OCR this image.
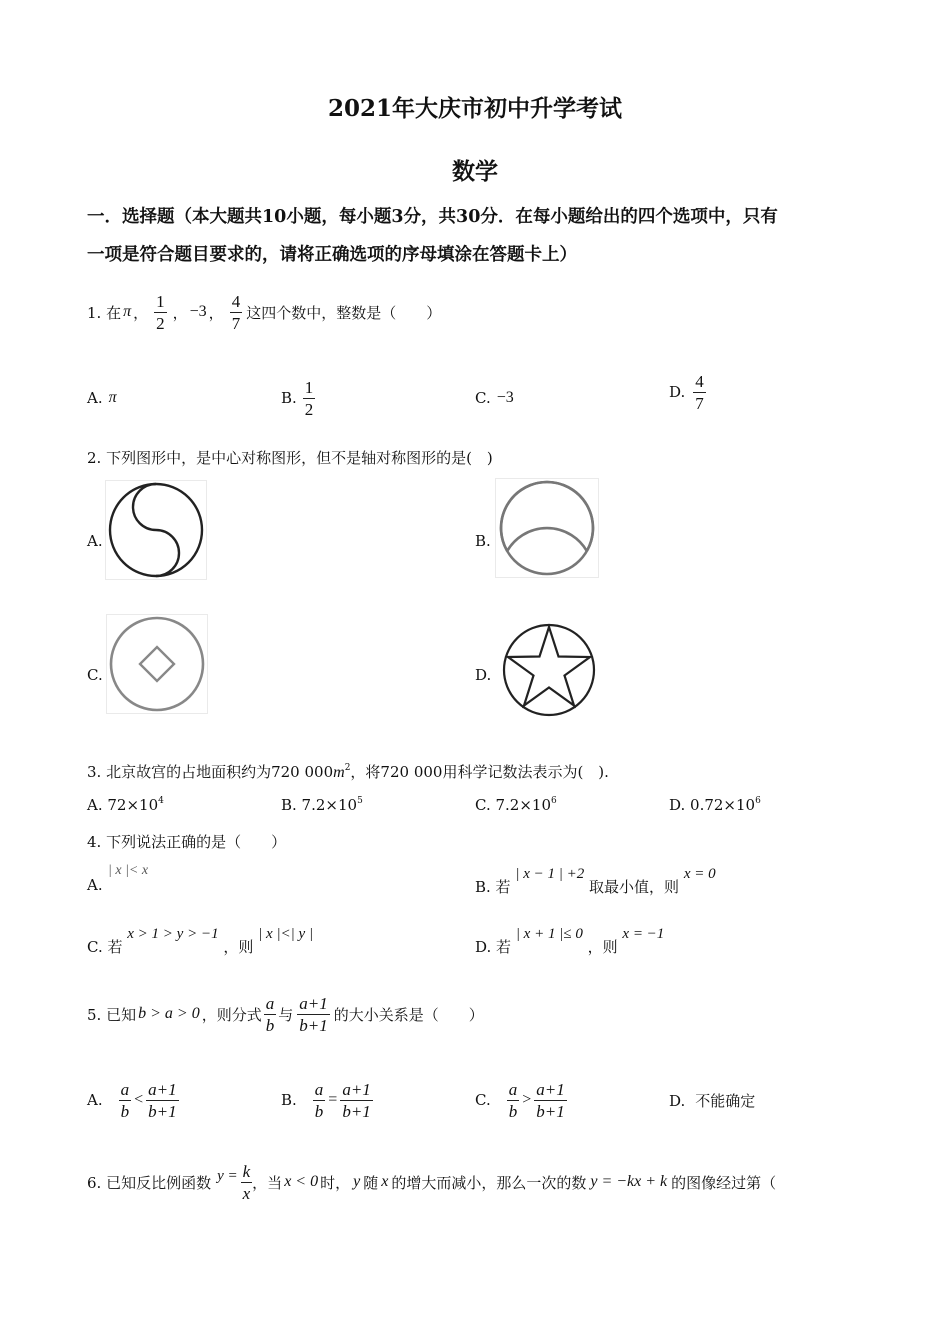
2021年大庆市初中升学考试
数学
一．选择题（本大题共10小题，每小题3分，共30分．在每小题给出的四个选项中，只有
一项是符合题目要求的，请将正确选项的序母填涂在答题卡上）
1. 在 π ， $\frac{1}{2}$ ， −3 ， $\frac{4}{7}$ 这四个数中，整数是（　　）
A. π	B. $\frac{1}{2}$	C. −3	D. $\frac{4}{7}$
2. 下列图形中，是中心对称图形，但不是轴对称图形的是(　)
A.	B.
C.	D.
3. 北京故宫的占地面积约为720 $000m^2$，将720 000用科学记数法表示为(　).
A. $72\times 10^4$	B. $7.2\times 10^5$	C. $7.2\times 10^6$	D. $0.72\times 10^6$
4. 下列说法正确的是（　　）
A.
| x |< x
B. 若 | x − 1 | +2 取最小值，则 x = 0
C. 若 x > 1 > y > −1 ，则 | x |<| y |
D. 若 | x + 1 |≤ 0 ，则 x = −1
5. 已知 b > a > 0 ，则分式 $\frac{a}{b}$ 与 $\frac{a+1}{b+1}$ 的大小关系是（　　）
A. $\frac{a}{b} < \frac{a+1}{b+1}$	B. $\frac{a}{b} = \frac{a+1}{b+1}$	C. $\frac{a}{b} > \frac{a+1}{b+1}$	D. 不能确定
6. 已知反比例函数 $y = \frac{k}{x}$ ，当 x < 0 时， y 随 x 的增大而减小，那么一次的数 y = −kx + k 的图像经过第（
